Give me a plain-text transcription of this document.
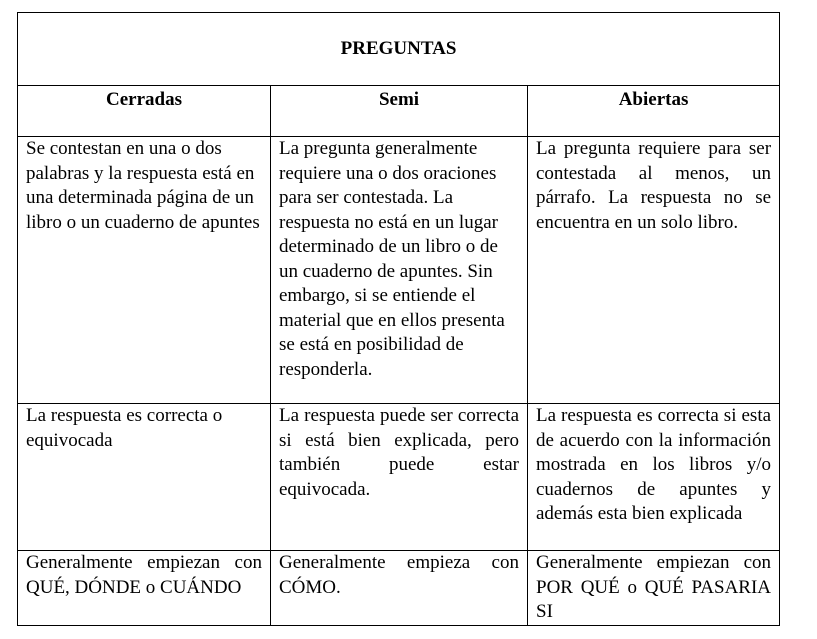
PREGUNTAS		
Cerradas	Semi	Abiertas
Se contestan en una o dos palabras y la respuesta está en una determinada página de un libro o un cuaderno de apuntes	La pregunta generalmente requiere una o dos oraciones para ser contestada. La respuesta no está en un lugar determinado de un libro o de un cuaderno de apuntes. Sin embargo, si se entiende el material que en ellos presenta se está en posibilidad de responderla.	La pregunta requiere para ser contestada al menos, un párrafo. La respuesta no se encuentra en un solo libro.
La respuesta es correcta o equivocada	La respuesta puede ser correcta si está bien explicada, pero también puede estar equivocada.	La respuesta es correcta si esta de acuerdo con la información mostrada en los libros y/o cuadernos de apuntes y además esta bien explicada
Generalmente empiezan con QUÉ, DÓNDE o CUÁNDO	Generalmente empieza con CÓMO.	Generalmente empiezan con POR QUÉ o QUÉ PASARIA SI
